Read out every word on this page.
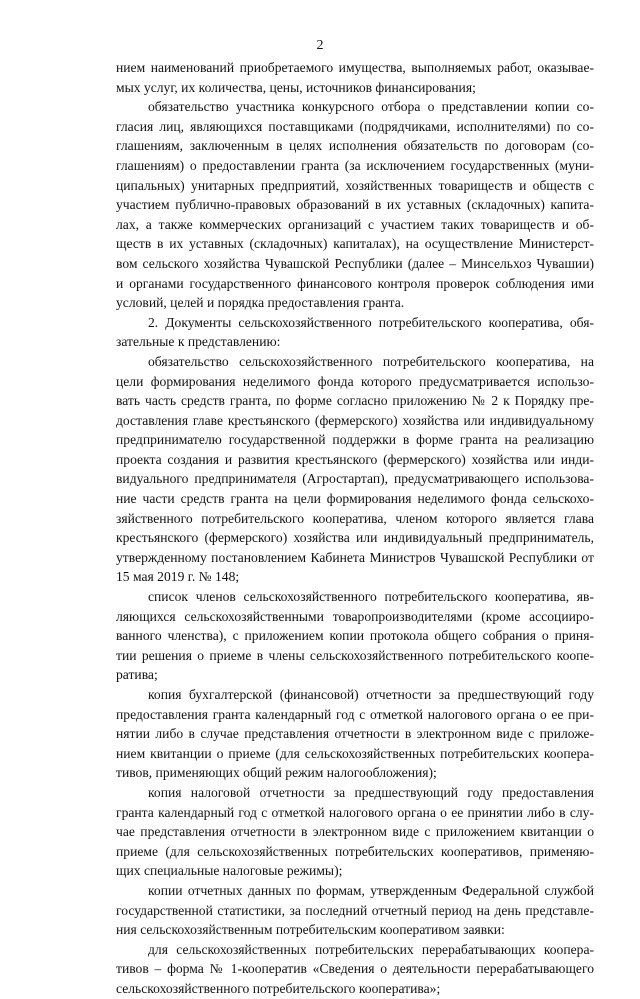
2
нием наименований приобретаемого имущества, выполняемых работ, оказывае-
мых услуг, их количества, цены, источников финансирования;
обязательство участника конкурсного отбора о представлении копии со-
гласия лиц, являющихся поставщиками (подрядчиками, исполнителями) по со-
глашениям, заключенным в целях исполнения обязательств по договорам (со-
глашениям) о предоставлении гранта (за исключением государственных (муни-
ципальных) унитарных предприятий, хозяйственных товариществ и обществ с
участием публично-правовых образований в их уставных (складочных) капита-
лах, а также коммерческих организаций с участием таких товариществ и об-
ществ в их уставных (складочных) капиталах), на осуществление Министерст-
вом сельского хозяйства Чувашской Республики (далее – Минсельхоз Чувашии)
и органами государственного финансового контроля проверок соблюдения ими
условий, целей и порядка предоставления гранта.
2. Документы сельскохозяйственного потребительского кооператива, обя-
зательные к представлению:
обязательство сельскохозяйственного потребительского кооператива, на
цели формирования неделимого фонда которого предусматривается использо-
вать часть средств гранта, по форме согласно приложению № 2 к Порядку пре-
доставления главе крестьянского (фермерского) хозяйства или индивидуальному
предпринимателю государственной поддержки в форме гранта на реализацию
проекта создания и развития крестьянского (фермерского) хозяйства или инди-
видуального предпринимателя (Агростартап), предусматривающего использова-
ние части средств гранта на цели формирования неделимого фонда сельскохо-
зяйственного потребительского кооператива, членом которого является глава
крестьянского (фермерского) хозяйства или индивидуальный предприниматель,
утвержденному постановлением Кабинета Министров Чувашской Республики от
15 мая 2019 г. № 148;
список членов сельскохозяйственного потребительского кооператива, яв-
ляющихся сельскохозяйственными товаропроизводителями (кроме ассоцииро-
ванного членства), с приложением копии протокола общего собрания о приня-
тии решения о приеме в члены сельскохозяйственного потребительского коопе-
ратива;
копия бухгалтерской (финансовой) отчетности за предшествующий году
предоставления гранта календарный год с отметкой налогового органа о ее при-
нятии либо в случае представления отчетности в электронном виде с приложе-
нием квитанции о приеме (для сельскохозяйственных потребительских коопера-
тивов, применяющих общий режим налогообложения);
копия налоговой отчетности за предшествующий году предоставления
гранта календарный год с отметкой налогового органа о ее принятии либо в слу-
чае представления отчетности в электронном виде с приложением квитанции о
приеме (для сельскохозяйственных потребительских кооперативов, применяю-
щих специальные налоговые режимы);
копии отчетных данных по формам, утвержденным Федеральной службой
государственной статистики, за последний отчетный период на день представле-
ния сельскохозяйственным потребительским кооперативом заявки:
для сельскохозяйственных потребительских перерабатывающих коопера-
тивов – форма № 1-кооператив «Сведения о деятельности перерабатывающего
сельскохозяйственного потребительского кооператива»;
